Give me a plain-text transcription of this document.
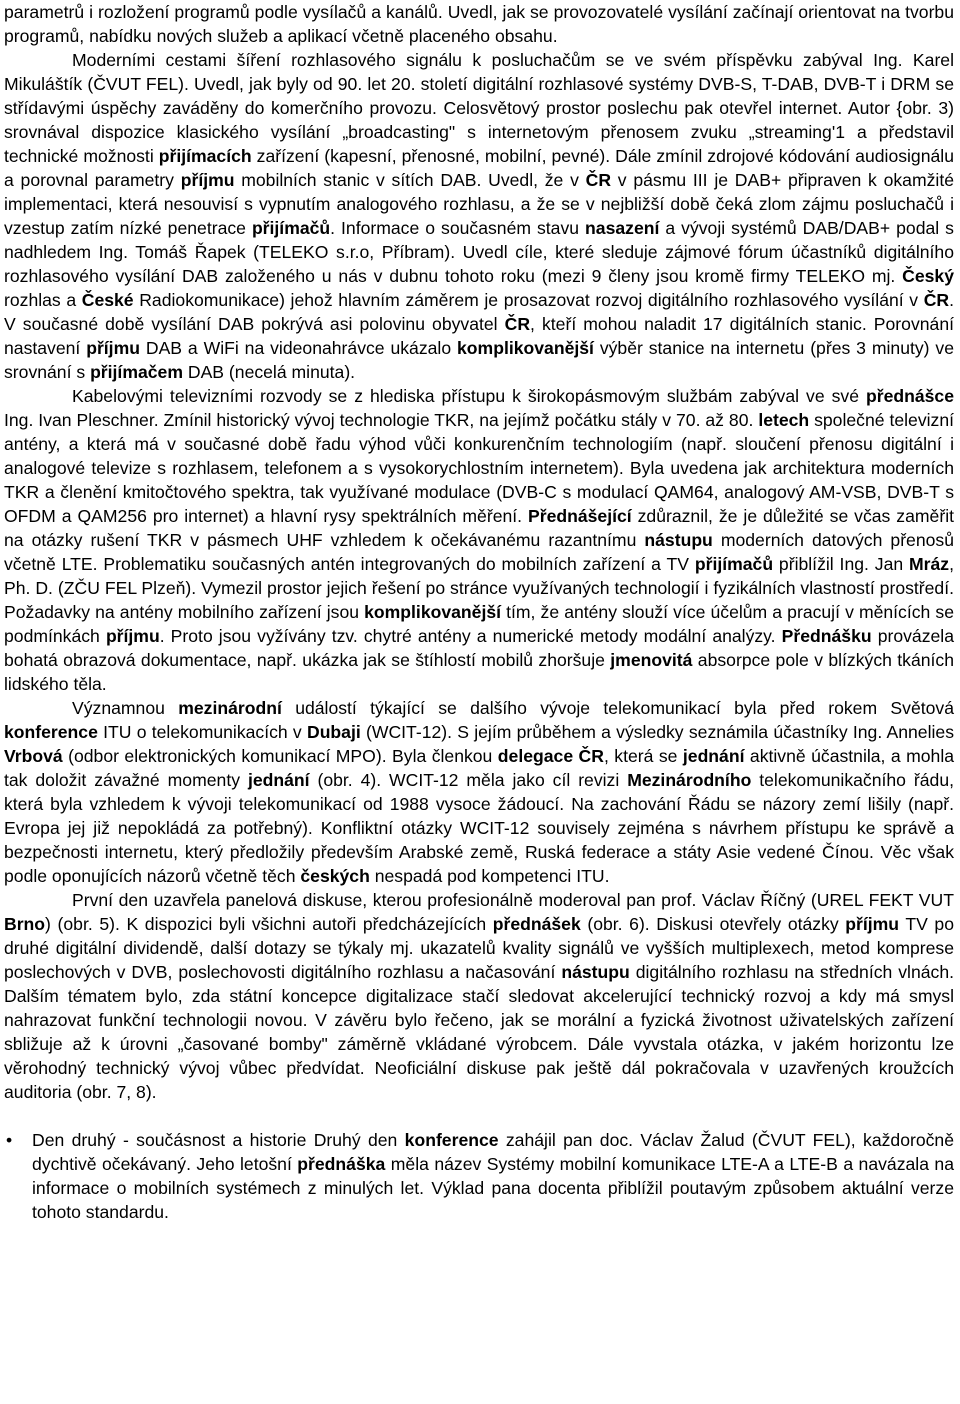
parametrů i rozložení programů podle vysílačů a kanálů. Uvedl, jak se provozovatelé vysílání začínají orientovat na tvorbu programů, nabídku nových služeb a aplikací včetně placeného obsahu.

Moderními cestami šíření rozhlasového signálu k posluchačům se ve svém příspěvku zabýval Ing. Karel Mikuláštík (ČVUT FEL). Uvedl, jak byly od 90. let 20. století digitální rozhlasové systémy DVB-S, T-DAB, DVB-T i DRM se střídavými úspěchy zaváděny do komerčního provozu. Celosvětový prostor poslechu pak otevřel internet. Autor {obr. 3) srovnával dispozice klasického vysílání „broadcasting" s internetovým přenosem zvuku „streaming'1 a představil technické možnosti přijímacích zařízení (kapesní, přenosné, mobilní, pevné). Dále zmínil zdrojové kódování audiosignálu a porovnal parametry příjmu mobilních stanic v sítích DAB. Uvedl, že v ČR v pásmu III je DAB+ připraven k okamžité implementaci, která nesouvisí s vypnutím analogového rozhlasu, a že se v nejbližší době čeká zlom zájmu posluchačů i vzestup zatím nízké penetrace přijímačů. Informace o současném stavu nasazení a vývoji systémů DAB/DAB+ podal s nadhledem Ing. Tomáš Řapek (TELEKO s.r.o, Příbram). Uvedl cíle, které sleduje zájmové fórum účastníků digitálního rozhlasového vysílání DAB založeného u nás v dubnu tohoto roku (mezi 9 členy jsou kromě firmy TELEKO mj. Český rozhlas a České Radiokomunikace) jehož hlavním záměrem je prosazovat rozvoj digitálního rozhlasového vysílání v ČR. V současné době vysílání DAB pokrývá asi polovinu obyvatel ČR, kteří mohou naladit 17 digitálních stanic. Porovnání nastavení příjmu DAB a WiFi na videonahrávce ukázalo komplikovanější výběr stanice na internetu (přes 3 minuty) ve srovnání s přijímačem DAB (necelá minuta).

Kabelovými televizními rozvody se z hlediska přístupu k širokopásmovým službám zabýval ve své přednášce Ing. Ivan Pleschner. Zmínil historický vývoj technologie TKR, na jejímž počátku stály v 70. až 80. letech společné televizní antény, a která má v současné době řadu výhod vůči konkurenčním technologiím (např. sloučení přenosu digitální i analogové televize s rozhlasem, telefonem a s vysokorychlostním internetem). Byla uvedena jak architektura moderních TKR a členění kmitočtového spektra, tak využívané modulace (DVB-C s modulací QAM64, analogový AM-VSB, DVB-T s OFDM a QAM256 pro internet) a hlavní rysy spektrálních měření. Přednášející zdůraznil, že je důležité se včas zaměřit na otázky rušení TKR v pásmech UHF vzhledem k očekávanému razantnímu nástupu moderních datových přenosů včetně LTE. Problematiku současných antén integrovaných do mobilních zařízení a TV přijímačů přiblížil Ing. Jan Mráz, Ph. D. (ZČU FEL Plzeň). Vymezil prostor jejich řešení po stránce využívaných technologií i fyzikálních vlastností prostředí. Požadavky na antény mobilního zařízení jsou komplikovanější tím, že antény slouží více účelům a pracují v měnících se podmínkách příjmu. Proto jsou vyžívány tzv. chytré antény a numerické metody modální analýzy. Přednášku provázela bohatá obrazová dokumentace, např. ukázka jak se štíhlostí mobilů zhoršuje jmenovitá absorpce pole v blízkých tkáních lidského těla.

Významnou mezinárodní událostí týkající se dalšího vývoje telekomunikací byla před rokem Světová konference ITU o telekomunikacích v Dubaji (WCIT-12). S jejím průběhem a výsledky seznámila účastníky Ing. Annelies Vrbová (odbor elektronických komunikací MPO). Byla členkou delegace ČR, která se jednání aktivně účastnila, a mohla tak doložit závažné momenty jednání (obr. 4). WCIT-12 měla jako cíl revizi Mezinárodního telekomunikačního řádu, která byla vzhledem k vývoji telekomunikací od 1988 vysoce žádoucí. Na zachování Řádu se názory zemí lišily (např. Evropa jej již nepokládá za potřebný). Konfliktní otázky WCIT-12 souvisely zejména s návrhem přístupu ke správě a bezpečnosti internetu, který předložily především Arabské země, Ruská federace a státy Asie vedené Čínou. Věc však podle oponujících názorů včetně těch českých nespadá pod kompetenci ITU.

První den uzavřela panelová diskuse, kterou profesionálně moderoval pan prof. Václav Říčný (UREL FEKT VUT Brno) (obr. 5). K dispozici byli všichni autoři předcházejících přednášek (obr. 6). Diskusi otevřely otázky příjmu TV po druhé digitální dividendě, další dotazy se týkaly mj. ukazatelů kvality signálů ve vyšších multiplexech, metod komprese poslechových v DVB, poslechovosti digitálního rozhlasu a načasování nástupu digitálního rozhlasu na středních vlnách. Dalším tématem bylo, zda státní koncepce digitalizace stačí sledovat akcelerující technický rozvoj a kdy má smysl nahrazovat funkční technologii novou. V závěru bylo řečeno, jak se morální a fyzická životnost uživatelských zařízení sbližuje až k úrovni „časované bomby" záměrně vkládané výrobcem. Dále vyvstala otázka, v jakém horizontu lze věrohodný technický vývoj vůbec předvídat. Neoficiální diskuse pak ještě dál pokračovala v uzavřených kroužcích auditoria (obr. 7, 8).

•	Den druhý - součásnost a historie Druhý den konference zahájil pan doc. Václav Žalud (ČVUT FEL), každoročně dychtivě očekávaný. Jeho letošní přednáška měla název Systémy mobilní komunikace LTE-A a LTE-B a navázala na informace o mobilních systémech z minulých let. Výklad pana docenta přiblížil poutavým způsobem aktuální verze tohoto standardu.
